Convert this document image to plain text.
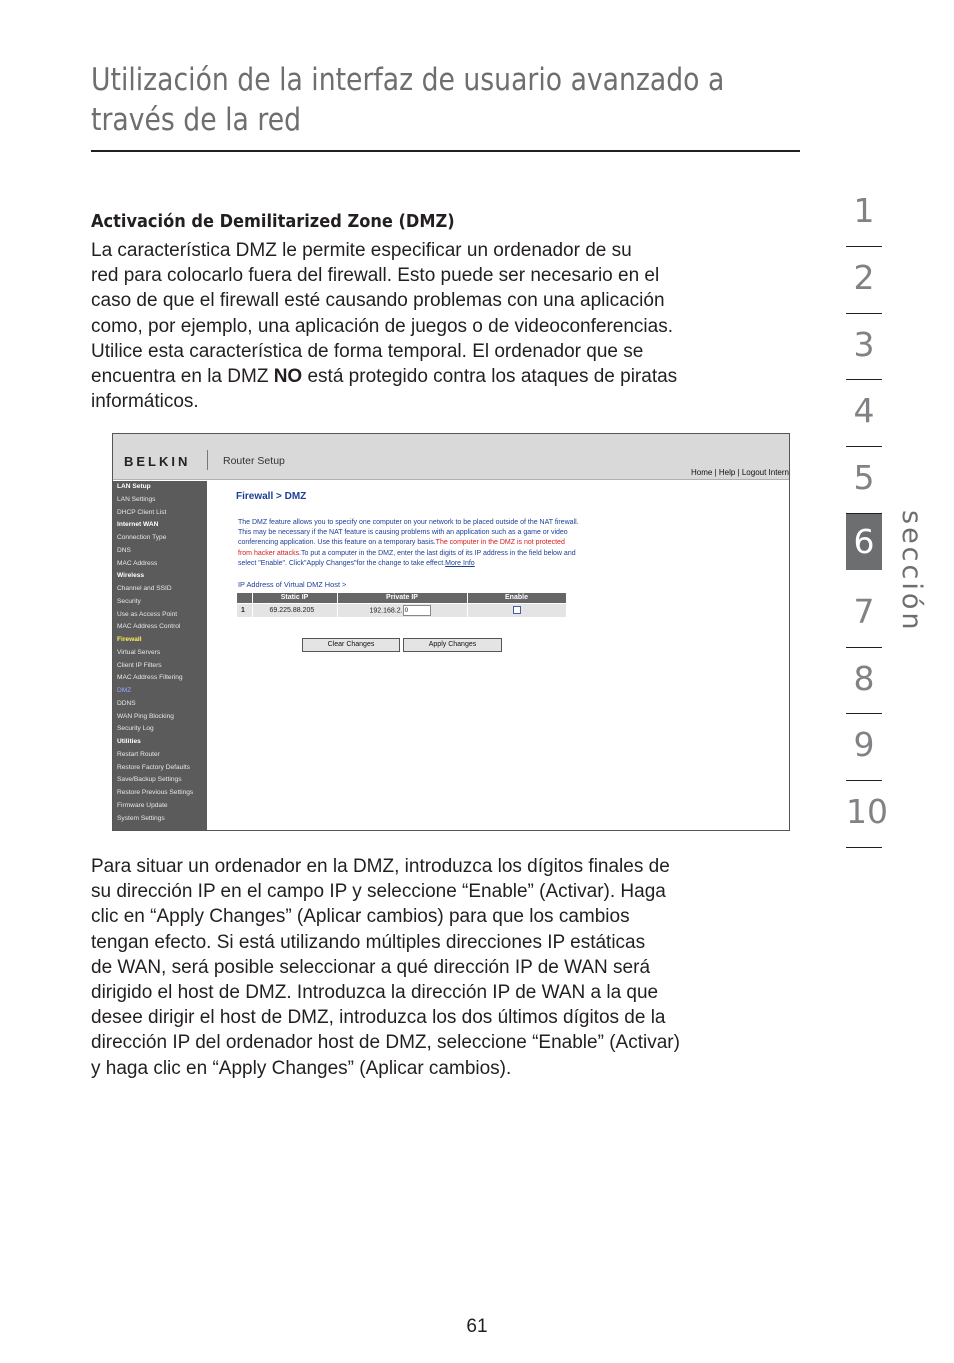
Utilización de la interfaz de usuario avanzado a
través de la red
Activación de Demilitarized Zone (DMZ)
La característica DMZ le permite especificar un ordenador de su
red para colocarlo fuera del firewall. Esto puede ser necesario en el
caso de que el firewall esté causando problemas con una aplicación
como, por ejemplo, una aplicación de juegos o de videoconferencias.
Utilice esta característica de forma temporal. El ordenador que se
encuentra en la DMZ NO está protegido contra los ataques de piratas
informáticos.
BELKIN	Router Setup
Home | Help | Logout Intern
LAN Setup
LAN Settings
DHCP Client List
Internet WAN
Connection Type
DNS
MAC Address
Wireless
Channel and SSID
Security
Use as Access Point
MAC Address Control
Firewall
Virtual Servers
Client IP Filters
MAC Address Filtering
DMZ
DDNS
WAN Ping Blocking
Security Log
Utilities
Restart Router
Restore Factory Defaults
Save/Backup Settings
Restore Previous Settings
Firmware Update
System Settings
Firewall > DMZ
The DMZ feature allows you to specify one computer on your network to be placed outside of the NAT firewall.
This may be necessary if the NAT feature is causing problems with an application such as a game or video
conferencing application. Use this feature on a temporary basis.The computer in the DMZ is not protected
from hacker attacks.To put a computer in the DMZ, enter the last digits of its IP address in the field below and
select "Enable". Click"Apply Changes"for the change to take effect.More Info
IP Address of Virtual DMZ Host >
	Static IP	Private IP	Enable
1	69.225.88.205	192.168.2. 0	
Clear Changes	Apply Changes
Para situar un ordenador en la DMZ, introduzca los dígitos finales de
su dirección IP en el campo IP y seleccione “Enable” (Activar). Haga
clic en “Apply Changes” (Aplicar cambios) para que los cambios
tengan efecto. Si está utilizando múltiples direcciones IP estáticas
de WAN, será posible seleccionar a qué dirección IP de WAN será
dirigido el host de DMZ. Introduzca la dirección IP de WAN a la que
desee dirigir el host de DMZ, introduzca los dos últimos dígitos de la
dirección IP del ordenador host de DMZ, seleccione “Enable” (Activar)
y haga clic en “Apply Changes” (Aplicar cambios).
1
2
3
4
5
6
7
8
9
10
sección
61
